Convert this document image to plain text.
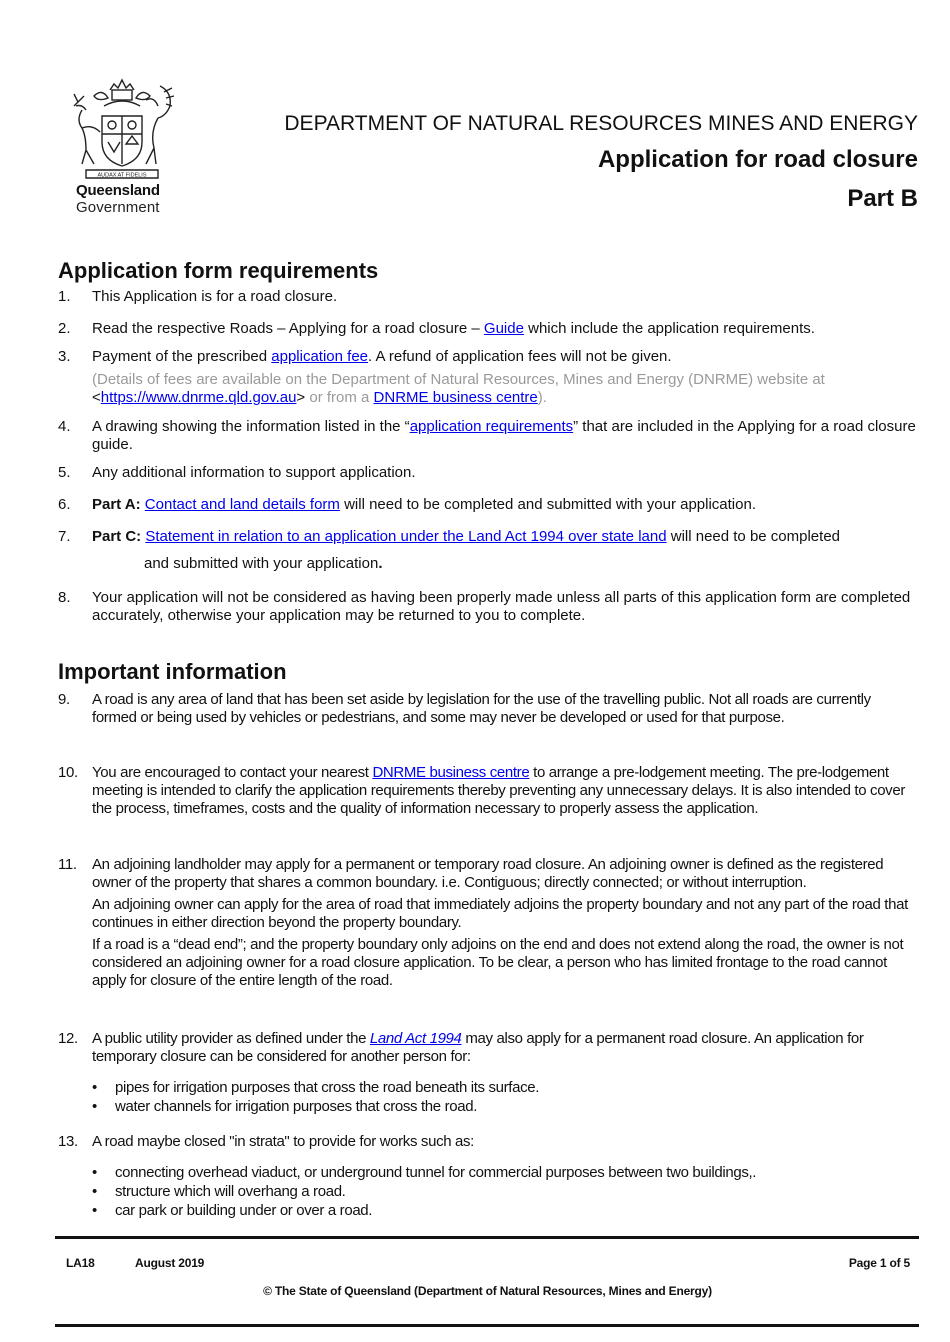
AUDAX AT FIDELIS
Queensland
Government
DEPARTMENT OF NATURAL RESOURCES MINES AND ENERGY
Application for road closure
Part B
Application form requirements
1.	This Application is for a road closure.
2.	Read the respective Roads – Applying for a road closure – Guide which include the application requirements.
3.	Payment of the prescribed application fee. A refund of application fees will not be given.

(Details of fees are available on the Department of Natural Resources, Mines and Energy (DNRME) website at <https://www.dnrme.qld.gov.au> or from a DNRME business centre).

4.	A drawing showing the information listed in the “application requirements” that are included in the Applying for a road closure guide.
5.	Any additional information to support application.
6.	Part A: Contact and land details form will need to be completed and submitted with your application.
7.	Part C: Statement in relation to an application under the Land Act 1994 over state land will need to be completed

and submitted with your application.

8.	Your application will not be considered as having been properly made unless all parts of this application form are completed accurately, otherwise your application may be returned to you to complete.
Important information
9.	A road is any area of land that has been set aside by legislation for the use of the travelling public. Not all roads are currently formed or being used by vehicles or pedestrians, and some may never be developed or used for that purpose.
10. You are encouraged to contact your nearest DNRME business centre to arrange a pre-lodgement meeting. The pre-lodgement meeting is intended to clarify the application requirements thereby preventing any unnecessary delays. It is also intended to cover the process, timeframes, costs and the quality of information necessary to properly assess the application.
11.	An adjoining landholder may apply for a permanent or temporary road closure. An adjoining owner is defined as the registered owner of the property that shares a common boundary. i.e. Contiguous; directly connected; or without interruption.

An adjoining owner can apply for the area of road that immediately adjoins the property boundary and not any part of the road that continues in either direction beyond the property boundary.

If a road is a “dead end”; and the property boundary only adjoins on the end and does not extend along the road, the owner is not considered an adjoining owner for a road closure application. To be clear, a person who has limited frontage to the road cannot apply for closure of the entire length of the road.

12. A public utility provider as defined under the Land Act 1994 may also apply for a permanent road closure. An application for temporary closure can be considered for another person for:
• pipes for irrigation purposes that cross the road beneath its surface.
• water channels for irrigation purposes that cross the road.
13. A road maybe closed "in strata" to provide for works such as:
• connecting overhead viaduct, or underground tunnel for commercial purposes between two buildings,.
• structure which will overhang a road.
• car park or building under or over a road.
LA18	August 2019	Page 1 of 5
© The State of Queensland (Department of Natural Resources, Mines and Energy)
